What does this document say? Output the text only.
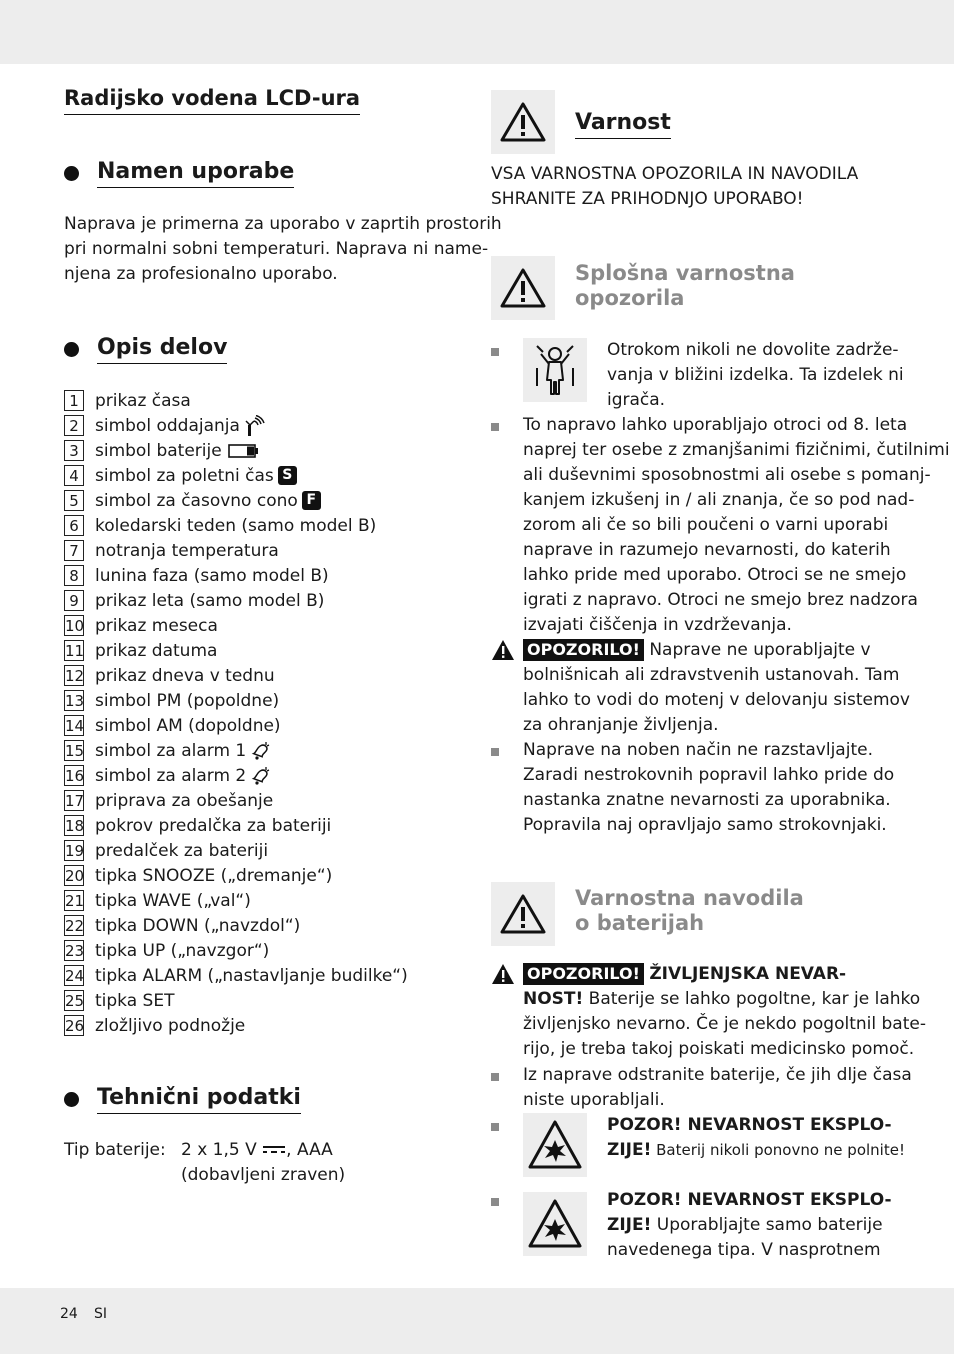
Radijsko vodena LCD-ura
Namen uporabe
Naprava je primerna za uporabo v zaprtih prostorih
pri normalni sobni temperaturi. Naprava ni name-
njena za profesionalno uporabo.
Opis delov
1 prikaz časa
2 simbol oddajanja
3 simbol baterije
4 simbol za poletni čas S
5 simbol za časovno cono F
6 koledarski teden (samo model B)
7 notranja temperatura
8 lunina faza (samo model B)
9 prikaz leta (samo model B)
10 prikaz meseca
11 prikaz datuma
12 prikaz dneva v tednu
13 simbol PM (popoldne)
14 simbol AM (dopoldne)
15 simbol za alarm 1
16 simbol za alarm 2
17 priprava za obešanje
18 pokrov predalčka za bateriji
19 predalček za bateriji
20 tipka SNOOZE („dremanje“)
21 tipka WAVE („val“)
22 tipka DOWN („navzdol“)
23 tipka UP („navzgor“)
24 tipka ALARM („nastavljanje budilke“)
25 tipka SET
26 zložljivo podnožje
Tehnični podatki
Tip baterije: 2 x 1,5 V , AAA
(dobavljeni zraven)
Varnost
VSA VARNOSTNA OPOZORILA IN NAVODILA
SHRANITE ZA PRIHODNJO UPORABO!
Splošna varnostna
opozorila
Otrokom nikoli ne dovolite zadrže-
vanja v bližini izdelka. Ta izdelek ni
igrača.
To napravo lahko uporabljajo otroci od 8. leta
naprej ter osebe z zmanjšanimi fizičnimi, čutilnimi
ali duševnimi sposobnostmi ali osebe s pomanj-
kanjem izkušenj in / ali znanja, če so pod nad-
zorom ali če so bili poučeni o varni uporabi
naprave in razumejo nevarnosti, do katerih
lahko pride med uporabo. Otroci se ne smejo
igrati z napravo. Otroci ne smejo brez nadzora
izvajati čiščenja in vzdrževanja.
OPOZORILO! Naprave ne uporabljajte v
bolnišnicah ali zdravstvenih ustanovah. Tam
lahko to vodi do motenj v delovanju sistemov
za ohranjanje življenja.
Naprave na noben način ne razstavljajte.
Zaradi nestrokovnih popravil lahko pride do
nastanka znatne nevarnosti za uporabnika.
Popravila naj opravljajo samo strokovnjaki.
Varnostna navodila
o baterijah
OPOZORILO! ŽIVLJENJSKA NEVAR-
NOST! Baterije se lahko pogoltne, kar je lahko
življenjsko nevarno. Če je nekdo pogoltnil bate-
rijo, je treba takoj poiskati medicinsko pomoč.
Iz naprave odstranite baterije, če jih dlje časa
niste uporabljali.
POZOR! NEVARNOST EKSPLO-
ZIJE! Baterij nikoli ponovno ne polnite!
POZOR! NEVARNOST EKSPLO-
ZIJE! Uporabljajte samo baterije
navedenega tipa. V nasprotnem
24 SI
